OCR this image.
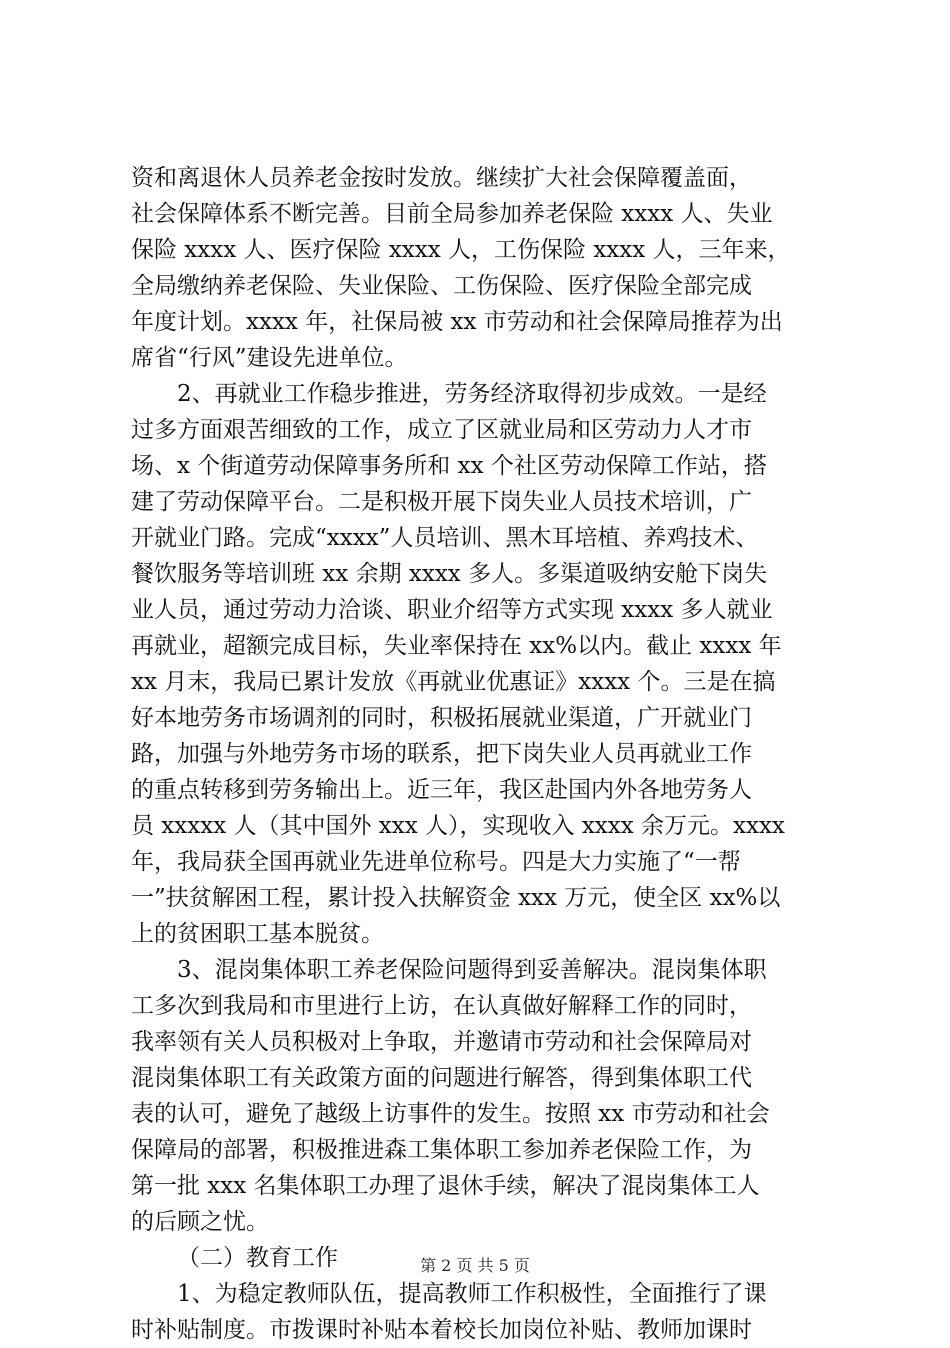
资和离退休人员养老金按时发放。继续扩大社会保障覆盖面，
社会保障体系不断完善。目前全局参加养老保险 xxxx 人、失业
保险 xxxx 人、医疗保险 xxxx 人，工伤保险 xxxx 人，三年来，
全局缴纳养老保险、失业保险、工伤保险、医疗保险全部完成
年度计划。xxxx 年，社保局被 xx 市劳动和社会保障局推荐为出
席省“行风”建设先进单位。
2、再就业工作稳步推进，劳务经济取得初步成效。一是经
过多方面艰苦细致的工作，成立了区就业局和区劳动力人才市
场、x 个街道劳动保障事务所和 xx 个社区劳动保障工作站，搭
建了劳动保障平台。二是积极开展下岗失业人员技术培训，广
开就业门路。完成“xxxx”人员培训、黑木耳培植、养鸡技术、
餐饮服务等培训班 xx 余期 xxxx 多人。多渠道吸纳安舱下岗失
业人员，通过劳动力洽谈、职业介绍等方式实现 xxxx 多人就业
再就业，超额完成目标，失业率保持在 xx%以内。截止 xxxx 年
xx 月末，我局已累计发放《再就业优惠证》xxxx 个。三是在搞
好本地劳务市场调剂的同时，积极拓展就业渠道，广开就业门
路，加强与外地劳务市场的联系，把下岗失业人员再就业工作
的重点转移到劳务输出上。近三年，我区赴国内外各地劳务人
员 xxxxx 人（其中国外 xxx 人），实现收入 xxxx 余万元。xxxx
年，我局获全国再就业先进单位称号。四是大力实施了“一帮
一”扶贫解困工程，累计投入扶解资金 xxx 万元，使全区 xx%以
上的贫困职工基本脱贫。
3、混岗集体职工养老保险问题得到妥善解决。混岗集体职
工多次到我局和市里进行上访，在认真做好解释工作的同时，
我率领有关人员积极对上争取，并邀请市劳动和社会保障局对
混岗集体职工有关政策方面的问题进行解答，得到集体职工代
表的认可，避免了越级上访事件的发生。按照 xx 市劳动和社会
保障局的部署，积极推进森工集体职工参加养老保险工作，为
第一批 xxx 名集体职工办理了退休手续，解决了混岗集体工人
的后顾之忧。
（二）教育工作
1、为稳定教师队伍，提高教师工作积极性，全面推行了课
时补贴制度。市拨课时补贴本着校长加岗位补贴、教师加课时
第 2 页 共 5 页
